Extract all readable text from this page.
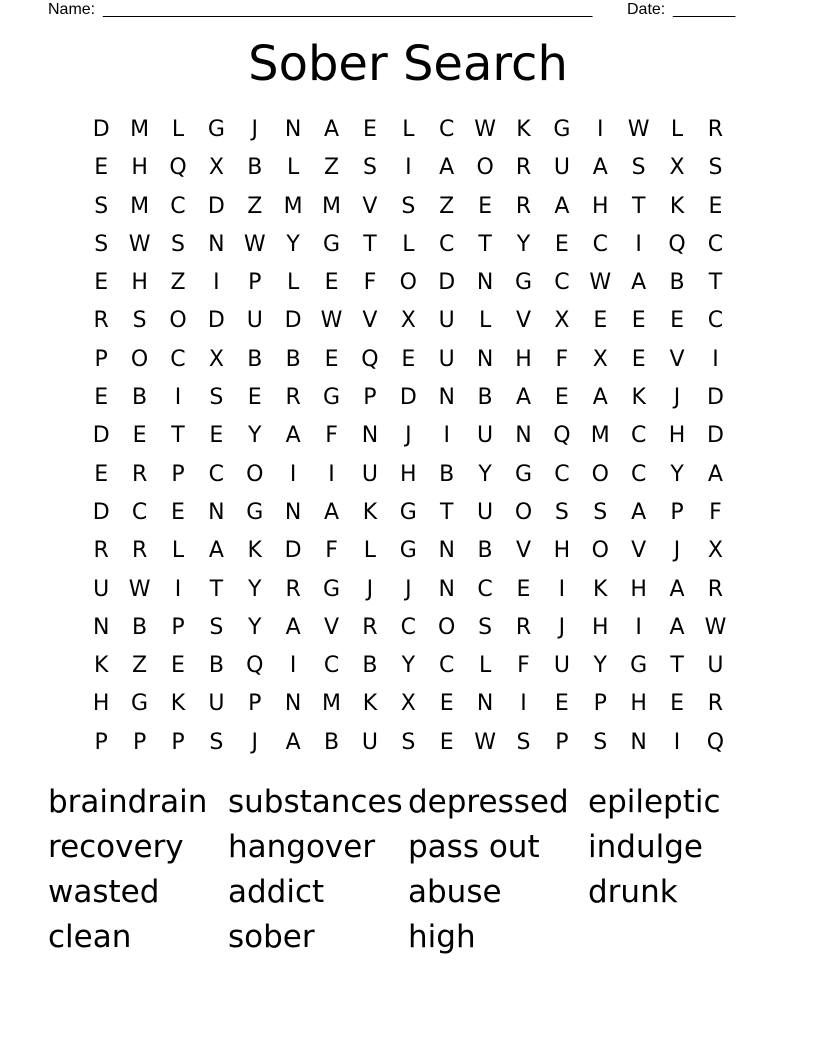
Name: _______________________________________________________ Date: _______
Sober Search
D M	L	G	J	N	A	E	L	C W K	G	I	W L	R
E	H Q	X	B	L	Z	S	I	A	O	R	U	A	S	X	S
S M C	D	Z M M V	S	Z	E	R	A	H	T	K	E
S W S	N W Y	G	T	L	C	T	Y	E	C	I	Q	C
E	H	Z	I	P	L	E	F	O D N G	C W A	B	T
R	S	O D U D W V	X	U	L	V	X	E	E	E	C
P	O	C	X	B	B	E	Q	E	U	N H	F	X	E	V	I
E	B	I	S	E	R	G	P	D N	B	A	E	A	K	J	D
D	E	T	E	Y	A	F	N	J	I	U	N Q M C	H D
E	R	P	C	O	I	I	U	H	B	Y	G	C	O	C	Y	A
D	C	E	N G N	A	K	G	T	U O	S	S	A	P	F
R	R	L	A	K	D	F	L	G N	B	V	H O	V	J	X
U W	I	T	Y	R	G	J	J	N	C	E	I	K	H	A	R
N	B	P	S	Y	A	V	R	C	O	S	R	J	H	I	A W
K	Z	E	B	Q	I	C	B	Y	C	L	F	U	Y	G	T	U
H G	K	U	P	N M K	X	E	N	I	E	P	H	E	R
P	P	P	S	J	A	B	U	S	E W S	P	S	N	I	Q
braindrain substances depressed epileptic
recovery	hangover	pass out	indulge
wasted	addict	abuse	drunk
clean	sober	high
